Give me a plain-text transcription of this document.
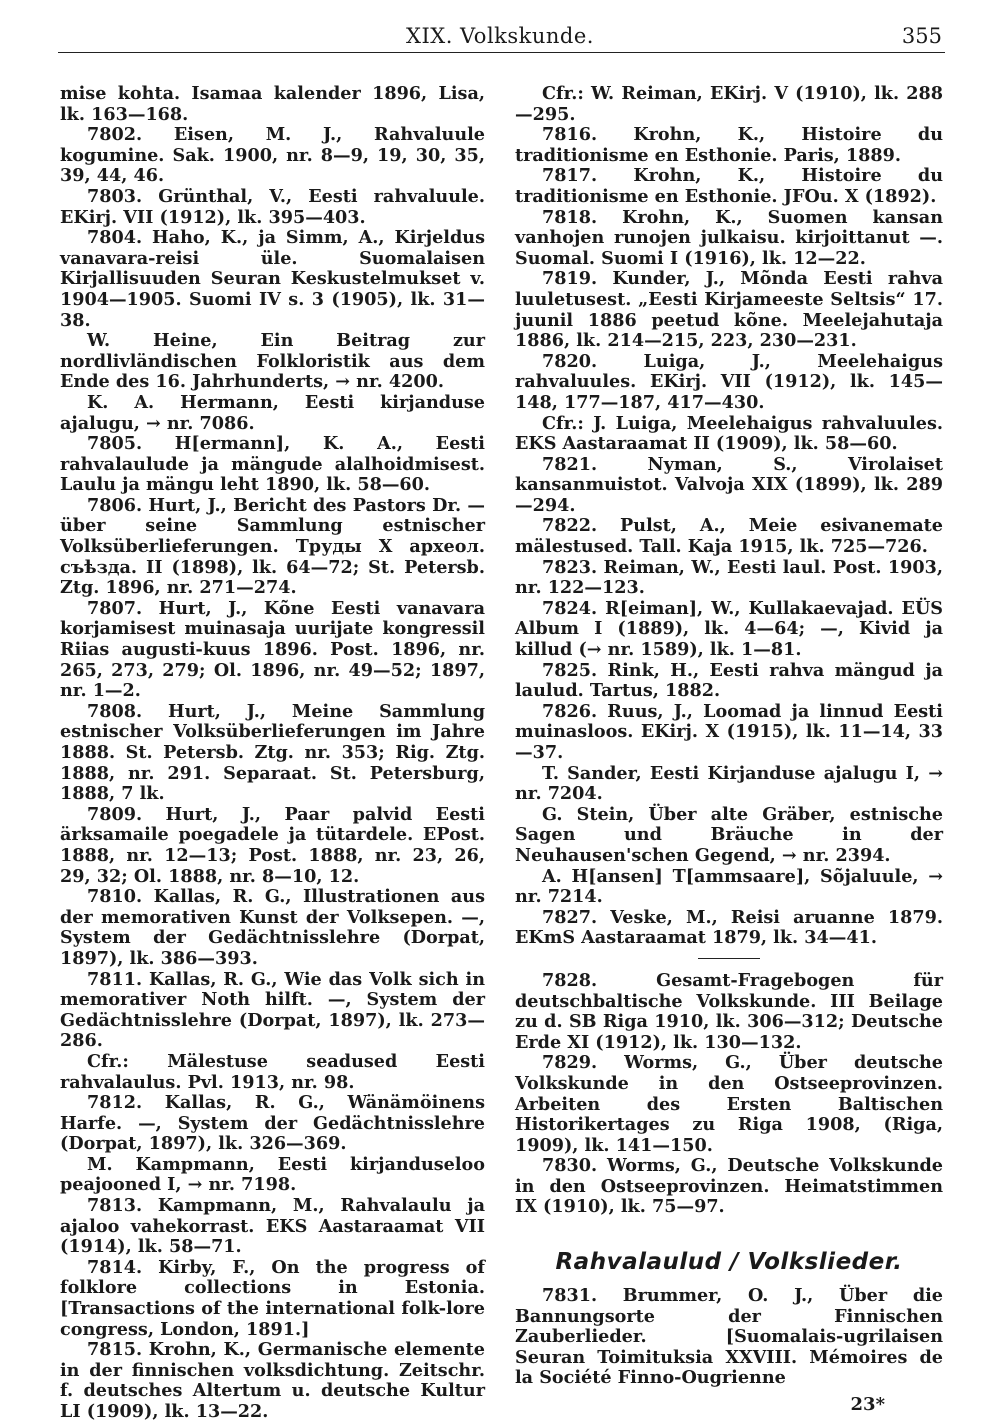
XIX. Volkskunde.	355

mise kohta. Isamaa kalender 1896, Lisa, lk. 163—168.

7802. Eisen, M. J., Rahvaluule kogumine. Sak. 1900, nr. 8—9, 19, 30, 35, 39, 44, 46.

7803. Grünthal, V., Eesti rahvaluule. EKirj. VII (1912), lk. 395—403.

7804. Haho, K., ja Simm, A., Kirjeldus vanavara-reisi üle. Suomalaisen Kirjallisuuden Seuran Keskustelmukset v. 1904—1905. Suomi IV s. 3 (1905), lk. 31—38.

W. Heine, Ein Beitrag zur nordlivländischen Folkloristik aus dem Ende des 16. Jahrhunderts, → nr. 4200.

K. A. Hermann, Eesti kirjanduse ajalugu, → nr. 7086.

7805. H[ermann], K. A., Eesti rahvalaulude ja mängude alalhoidmisest. Laulu ja mängu leht 1890, lk. 58—60.

7806. Hurt, J., Bericht des Pastors Dr. — über seine Sammlung estnischer Volksüberlieferungen. Труды X археол. съѣзда. II (1898), lk. 64—72; St. Petersb. Ztg. 1896, nr. 271—274.

7807. Hurt, J., Kõne Eesti vanavara korjamisest muinasaja uurijate kongressil Riias augusti-kuus 1896. Post. 1896, nr. 265, 273, 279; Ol. 1896, nr. 49—52; 1897, nr. 1—2.

7808. Hurt, J., Meine Sammlung estnischer Volksüberlieferungen im Jahre 1888. St. Petersb. Ztg. nr. 353; Rig. Ztg. 1888, nr. 291. Separaat. St. Petersburg, 1888, 7 lk.

7809. Hurt, J., Paar palvid Eesti ärksamaile poegadele ja tütardele. EPost. 1888, nr. 12—13; Post. 1888, nr. 23, 26, 29, 32; Ol. 1888, nr. 8—10, 12.

7810. Kallas, R. G., Illustrationen aus der memorativen Kunst der Volksepen. —, System der Gedächtnisslehre (Dorpat, 1897), lk. 386—393.

7811. Kallas, R. G., Wie das Volk sich in memorativer Noth hilft. —, System der Gedächtnisslehre (Dorpat, 1897), lk. 273—286.

Cfr.: Mälestuse seadused Eesti rahvalaulus. Pvl. 1913, nr. 98.

7812. Kallas, R. G., Wänämöinens Harfe. —, System der Gedächtnisslehre (Dorpat, 1897), lk. 326—369.

M. Kampmann, Eesti kirjanduseloo peajooned I, → nr. 7198.

7813. Kampmann, M., Rahvalaulu ja ajaloo vahekorrast. EKS Aastaraamat VII (1914), lk. 58—71.

7814. Kirby, F., On the progress of folklore collections in Estonia. [Transactions of the international folk-lore congress, London, 1891.]

7815. Krohn, K., Germanische elemente in der finnischen volksdichtung. Zeitschr. f. deutsches Altertum u. deutsche Kultur LI (1909), lk. 13—22.

Cfr.: W. Reiman, EKirj. V (1910), lk. 288—295.

7816. Krohn, K., Histoire du traditionisme en Esthonie. Paris, 1889.

7817. Krohn, K., Histoire du traditionisme en Esthonie. JFOu. X (1892).

7818. Krohn, K., Suomen kansan vanhojen runojen julkaisu. kirjoittanut —. Suomal. Suomi I (1916), lk. 12—22.

7819. Kunder, J., Mõnda Eesti rahva luuletusest. „Eesti Kirjameeste Seltsis“ 17. juunil 1886 peetud kõne. Meelejahutaja 1886, lk. 214—215, 223, 230—231.

7820. Luiga, J., Meelehaigus rahvaluules. EKirj. VII (1912), lk. 145—148, 177—187, 417—430.

Cfr.: J. Luiga, Meelehaigus rahvaluules. EKS Aastaraamat II (1909), lk. 58—60.

7821. Nyman, S., Virolaiset kansanmuistot. Valvoja XIX (1899), lk. 289—294.

7822. Pulst, A., Meie esivanemate mälestused. Tall. Kaja 1915, lk. 725—726.

7823. Reiman, W., Eesti laul. Post. 1903, nr. 122—123.

7824. R[eiman], W., Kullakaevajad. EÜS Album I (1889), lk. 4—64; —, Kivid ja killud (→ nr. 1589), lk. 1—81.

7825. Rink, H., Eesti rahva mängud ja laulud. Tartus, 1882.

7826. Ruus, J., Loomad ja linnud Eesti muinasloos. EKirj. X (1915), lk. 11—14, 33—37.

T. Sander, Eesti Kirjanduse ajalugu I, → nr. 7204.

G. Stein, Über alte Gräber, estnische Sagen und Bräuche in der Neuhausen'schen Gegend, → nr. 2394.

A. H[ansen] T[ammsaare], Sõjaluule, → nr. 7214.

7827. Veske, M., Reisi aruanne 1879. EKmS Aastaraamat 1879, lk. 34—41.

7828. Gesamt-Fragebogen für deutschbaltische Volkskunde. III Beilage zu d. SB Riga 1910, lk. 306—312; Deutsche Erde XI (1912), lk. 130—132.

7829. Worms, G., Über deutsche Volkskunde in den Ostseeprovinzen. Arbeiten des Ersten Baltischen Historikertages zu Riga 1908, (Riga, 1909), lk. 141—150.

7830. Worms, G., Deutsche Volkskunde in den Ostseeprovinzen. Heimatstimmen IX (1910), lk. 75—97.

Rahvalaulud / Volkslieder.

7831. Brummer, O. J., Über die Bannungsorte der Finnischen Zauberlieder. [Suomalais-ugrilaisen Seuran Toimituksia XXVIII. Mémoires de la Société Finno-Ougrienne

23*
